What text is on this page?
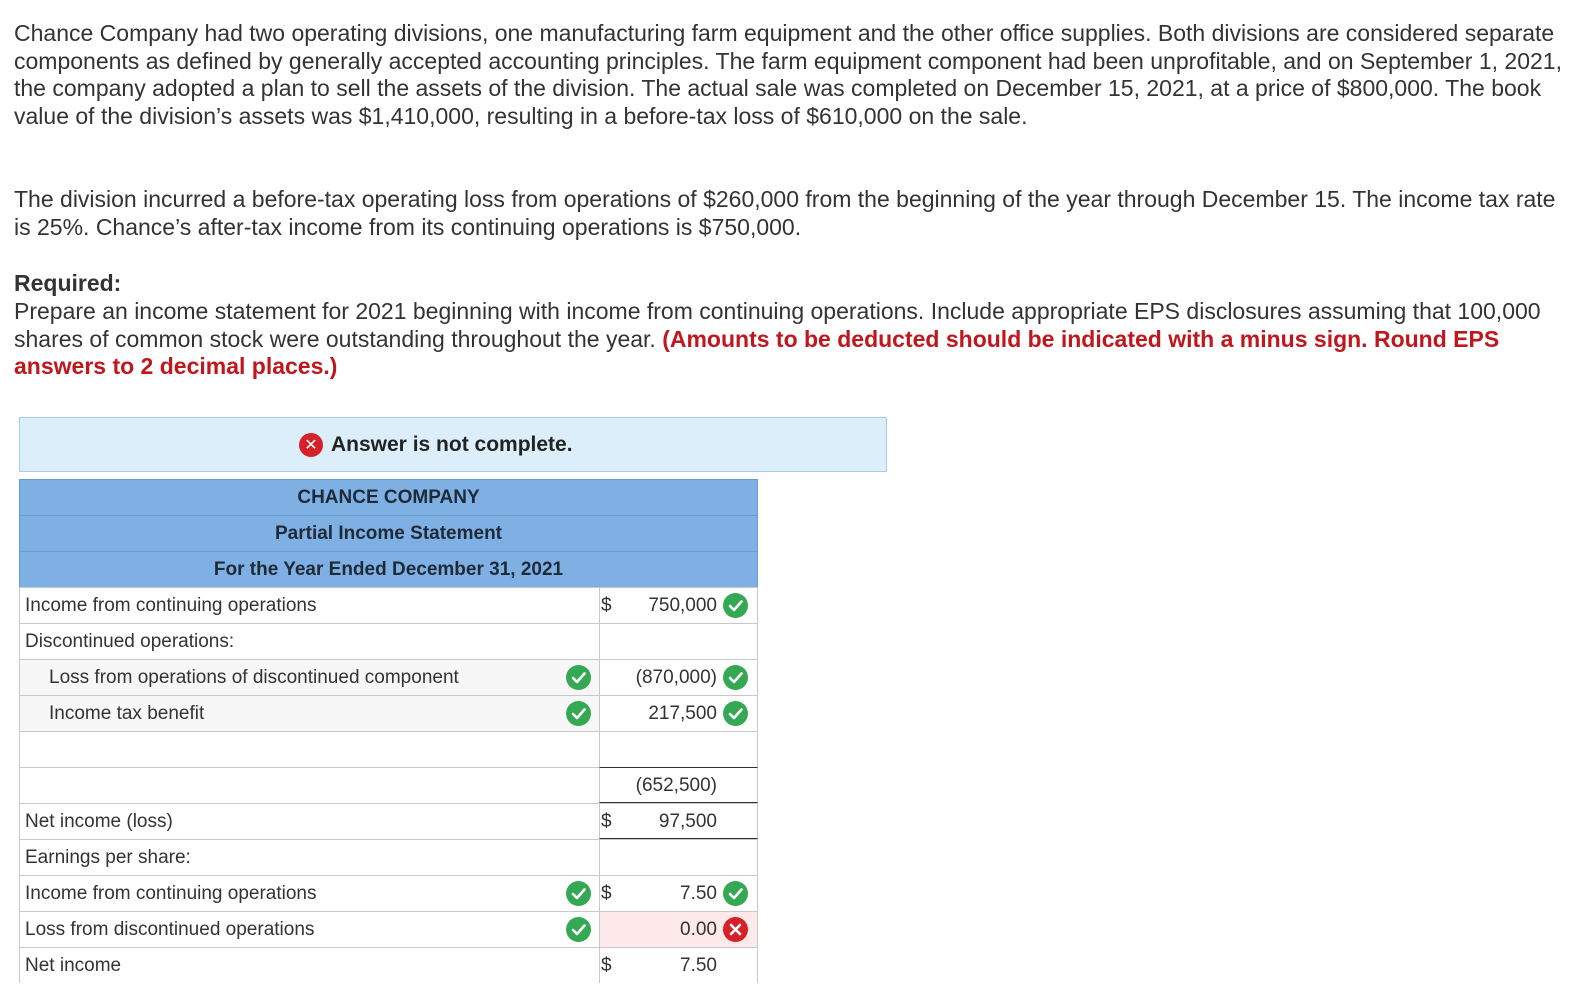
Chance Company had two operating divisions, one manufacturing farm equipment and the other office supplies. Both divisions are considered separate components as defined by generally accepted accounting principles. The farm equipment component had been unprofitable, and on September 1, 2021, the company adopted a plan to sell the assets of the division. The actual sale was completed on December 15, 2021, at a price of $800,000. The book value of the division’s assets was $1,410,000, resulting in a before-tax loss of $610,000 on the sale.

The division incurred a before-tax operating loss from operations of $260,000 from the beginning of the year through December 15. The income tax rate is 25%. Chance’s after-tax income from its continuing operations is $750,000.

Required:

Prepare an income statement for 2021 beginning with income from continuing operations. Include appropriate EPS disclosures assuming that 100,000 shares of common stock were outstanding throughout the year. (Amounts to be deducted should be indicated with a minus sign. Round EPS answers to 2 decimal places.)

✕ Answer is not complete.
CHANCE COMPANY
Partial Income Statement
For the Year Ended December 31, 2021
Income from continuing operations	$ 750,000
Discontinued operations:
Loss from operations of discontinued component	(870,000)
Income tax benefit	217,500
(652,500)
Net income (loss)	$ 97,500
Earnings per share:
Income from continuing operations	$	7.50
Loss from discontinued operations	0.00
Net income	$	7.50
